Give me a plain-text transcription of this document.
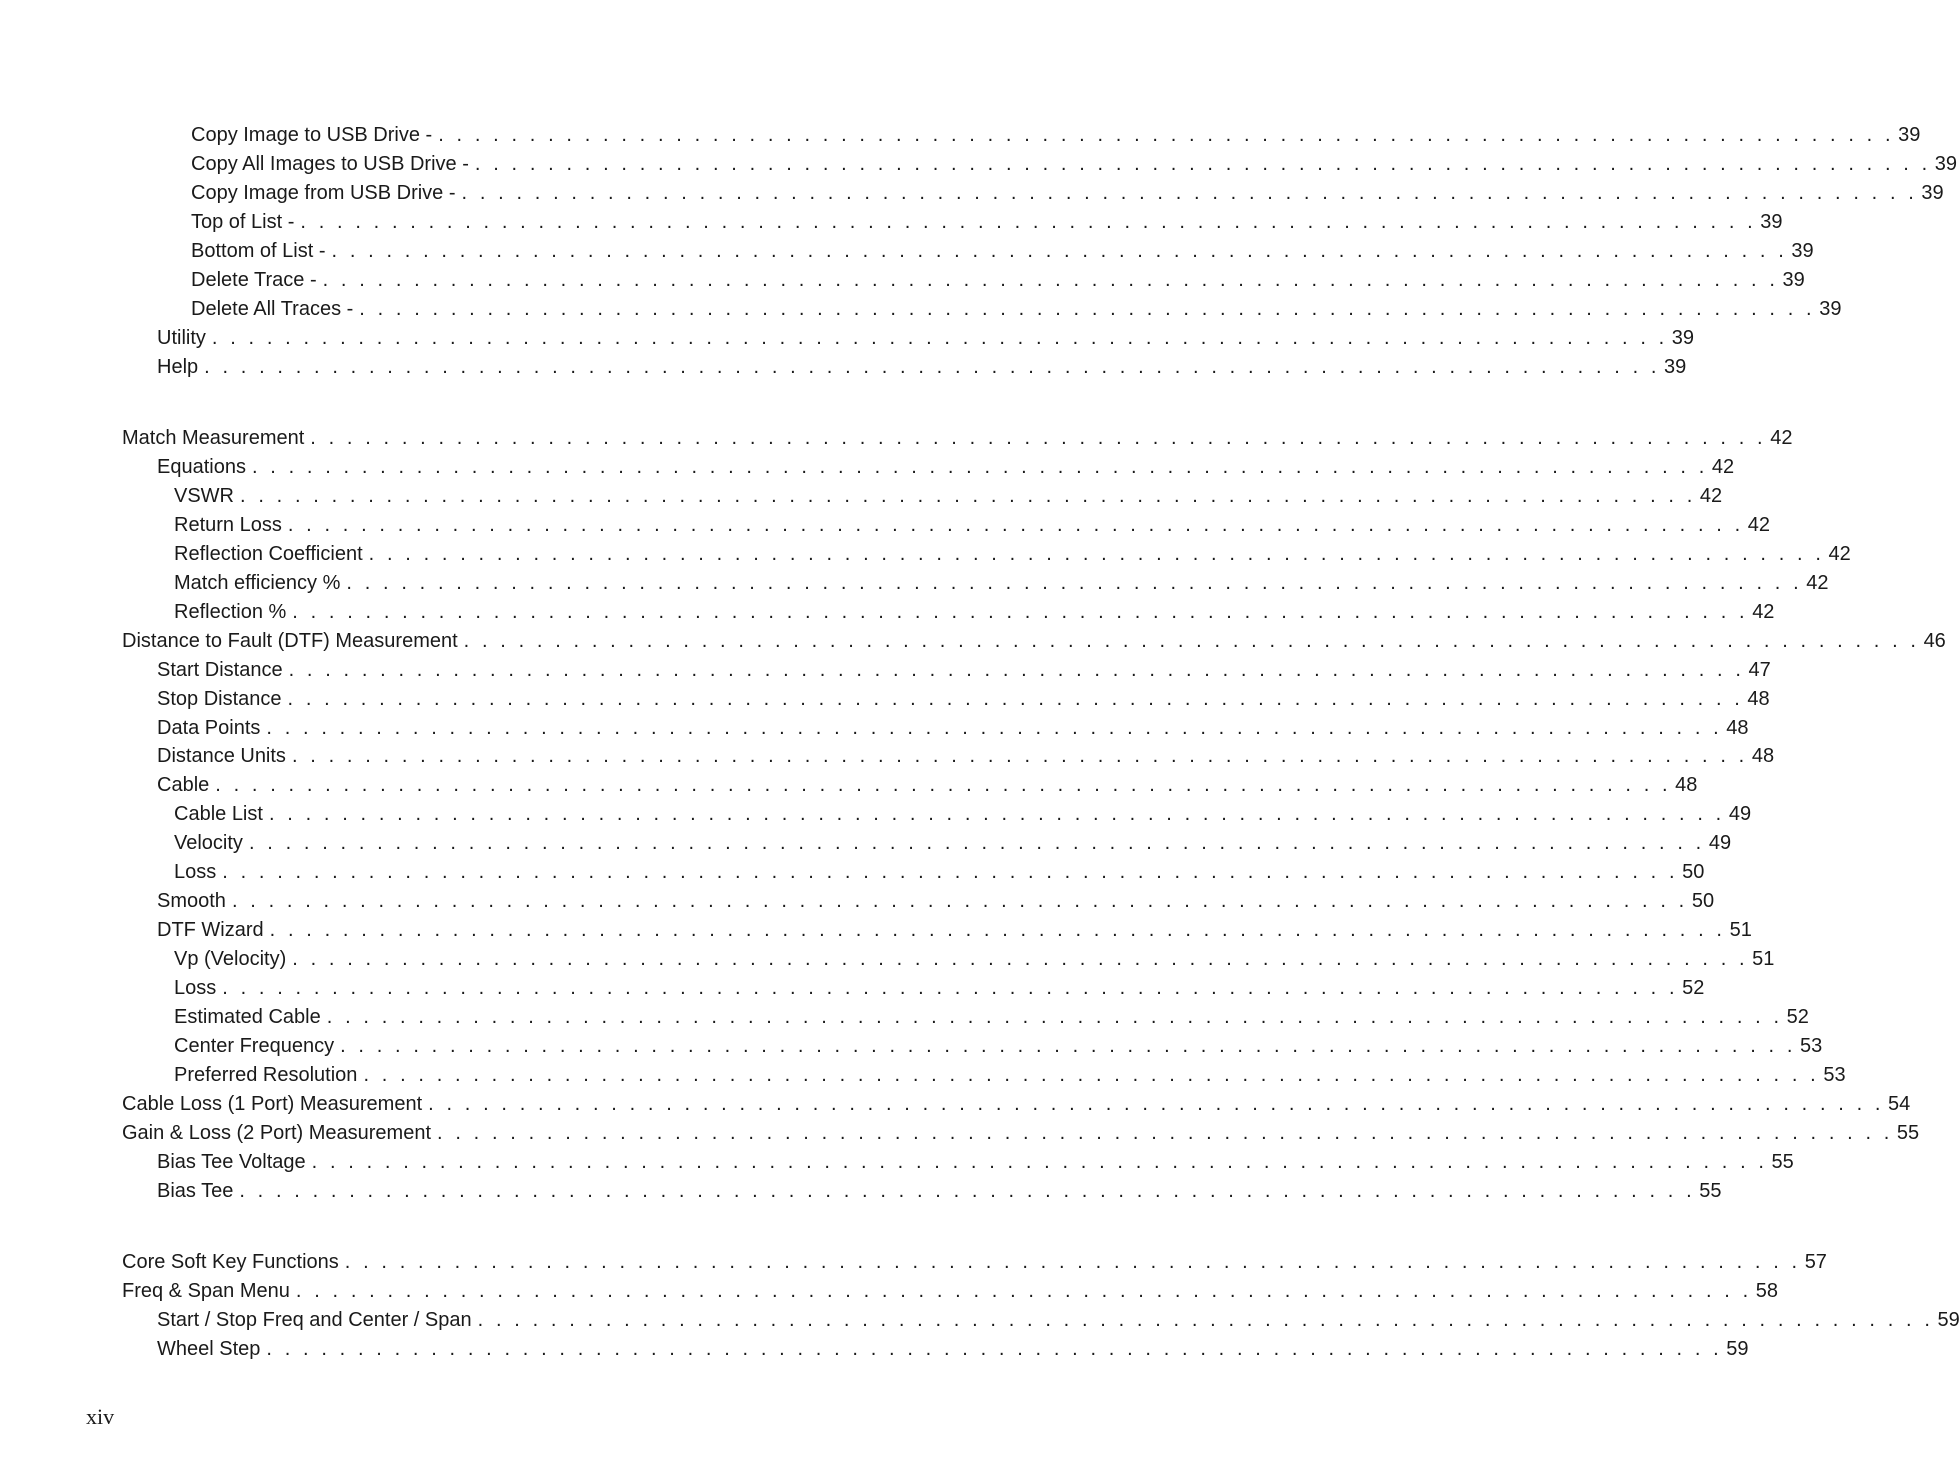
Copy Image to USB Drive - . . . . . . . . . . . . . . . . . . . . . . . . . . . . . . . . . . . . . . . . . . . . . . . . . . . . . . . . . . . . . . . . . . . . . . . . . . . . . . . . 39
Copy All Images to USB Drive - . . . . . . . . . . . . . . . . . . . . . . . . . . . . . . . . . . . . . . . . . . . . . . . . . . . . . . . . . . . . . . . . . . . . . . . . . . . . . . . . 39
Copy Image from USB Drive - . . . . . . . . . . . . . . . . . . . . . . . . . . . . . . . . . . . . . . . . . . . . . . . . . . . . . . . . . . . . . . . . . . . . . . . . . . . . . . . . 39
Top of List - . . . . . . . . . . . . . . . . . . . . . . . . . . . . . . . . . . . . . . . . . . . . . . . . . . . . . . . . . . . . . . . . . . . . . . . . . . . . . . . . 39
Bottom of List - . . . . . . . . . . . . . . . . . . . . . . . . . . . . . . . . . . . . . . . . . . . . . . . . . . . . . . . . . . . . . . . . . . . . . . . . . . . . . . . . 39
Delete Trace - . . . . . . . . . . . . . . . . . . . . . . . . . . . . . . . . . . . . . . . . . . . . . . . . . . . . . . . . . . . . . . . . . . . . . . . . . . . . . . . . 39
Delete All Traces - . . . . . . . . . . . . . . . . . . . . . . . . . . . . . . . . . . . . . . . . . . . . . . . . . . . . . . . . . . . . . . . . . . . . . . . . . . . . . . . . 39
Utility . . . . . . . . . . . . . . . . . . . . . . . . . . . . . . . . . . . . . . . . . . . . . . . . . . . . . . . . . . . . . . . . . . . . . . . . . . . . . . . . 39
Help . . . . . . . . . . . . . . . . . . . . . . . . . . . . . . . . . . . . . . . . . . . . . . . . . . . . . . . . . . . . . . . . . . . . . . . . . . . . . . . . 39
Match Measurement . . . . . . . . . . . . . . . . . . . . . . . . . . . . . . . . . . . . . . . . . . . . . . . . . . . . . . . . . . . . . . . . . . . . . . . . . . . . . . . . 42
Equations . . . . . . . . . . . . . . . . . . . . . . . . . . . . . . . . . . . . . . . . . . . . . . . . . . . . . . . . . . . . . . . . . . . . . . . . . . . . . . . . 42
VSWR . . . . . . . . . . . . . . . . . . . . . . . . . . . . . . . . . . . . . . . . . . . . . . . . . . . . . . . . . . . . . . . . . . . . . . . . . . . . . . . . 42
Return Loss . . . . . . . . . . . . . . . . . . . . . . . . . . . . . . . . . . . . . . . . . . . . . . . . . . . . . . . . . . . . . . . . . . . . . . . . . . . . . . . . 42
Reflection Coefficient . . . . . . . . . . . . . . . . . . . . . . . . . . . . . . . . . . . . . . . . . . . . . . . . . . . . . . . . . . . . . . . . . . . . . . . . . . . . . . . . 42
Match efficiency % . . . . . . . . . . . . . . . . . . . . . . . . . . . . . . . . . . . . . . . . . . . . . . . . . . . . . . . . . . . . . . . . . . . . . . . . . . . . . . . . 42
Reflection % . . . . . . . . . . . . . . . . . . . . . . . . . . . . . . . . . . . . . . . . . . . . . . . . . . . . . . . . . . . . . . . . . . . . . . . . . . . . . . . . 42
Distance to Fault (DTF) Measurement . . . . . . . . . . . . . . . . . . . . . . . . . . . . . . . . . . . . . . . . . . . . . . . . . . . . . . . . . . . . . . . . . . . . . . . . . . . . . . . . 46
Start Distance . . . . . . . . . . . . . . . . . . . . . . . . . . . . . . . . . . . . . . . . . . . . . . . . . . . . . . . . . . . . . . . . . . . . . . . . . . . . . . . . 47
Stop Distance . . . . . . . . . . . . . . . . . . . . . . . . . . . . . . . . . . . . . . . . . . . . . . . . . . . . . . . . . . . . . . . . . . . . . . . . . . . . . . . . 48
Data Points . . . . . . . . . . . . . . . . . . . . . . . . . . . . . . . . . . . . . . . . . . . . . . . . . . . . . . . . . . . . . . . . . . . . . . . . . . . . . . . . 48
Distance Units . . . . . . . . . . . . . . . . . . . . . . . . . . . . . . . . . . . . . . . . . . . . . . . . . . . . . . . . . . . . . . . . . . . . . . . . . . . . . . . . 48
Cable . . . . . . . . . . . . . . . . . . . . . . . . . . . . . . . . . . . . . . . . . . . . . . . . . . . . . . . . . . . . . . . . . . . . . . . . . . . . . . . . 48
Cable List . . . . . . . . . . . . . . . . . . . . . . . . . . . . . . . . . . . . . . . . . . . . . . . . . . . . . . . . . . . . . . . . . . . . . . . . . . . . . . . . 49
Velocity . . . . . . . . . . . . . . . . . . . . . . . . . . . . . . . . . . . . . . . . . . . . . . . . . . . . . . . . . . . . . . . . . . . . . . . . . . . . . . . . 49
Loss . . . . . . . . . . . . . . . . . . . . . . . . . . . . . . . . . . . . . . . . . . . . . . . . . . . . . . . . . . . . . . . . . . . . . . . . . . . . . . . . 50
Smooth . . . . . . . . . . . . . . . . . . . . . . . . . . . . . . . . . . . . . . . . . . . . . . . . . . . . . . . . . . . . . . . . . . . . . . . . . . . . . . . . 50
DTF Wizard . . . . . . . . . . . . . . . . . . . . . . . . . . . . . . . . . . . . . . . . . . . . . . . . . . . . . . . . . . . . . . . . . . . . . . . . . . . . . . . . 51
Vp (Velocity) . . . . . . . . . . . . . . . . . . . . . . . . . . . . . . . . . . . . . . . . . . . . . . . . . . . . . . . . . . . . . . . . . . . . . . . . . . . . . . . . 51
Loss . . . . . . . . . . . . . . . . . . . . . . . . . . . . . . . . . . . . . . . . . . . . . . . . . . . . . . . . . . . . . . . . . . . . . . . . . . . . . . . . 52
Estimated Cable . . . . . . . . . . . . . . . . . . . . . . . . . . . . . . . . . . . . . . . . . . . . . . . . . . . . . . . . . . . . . . . . . . . . . . . . . . . . . . . . 52
Center Frequency . . . . . . . . . . . . . . . . . . . . . . . . . . . . . . . . . . . . . . . . . . . . . . . . . . . . . . . . . . . . . . . . . . . . . . . . . . . . . . . . 53
Preferred Resolution . . . . . . . . . . . . . . . . . . . . . . . . . . . . . . . . . . . . . . . . . . . . . . . . . . . . . . . . . . . . . . . . . . . . . . . . . . . . . . . . 53
Cable Loss (1 Port) Measurement . . . . . . . . . . . . . . . . . . . . . . . . . . . . . . . . . . . . . . . . . . . . . . . . . . . . . . . . . . . . . . . . . . . . . . . . . . . . . . . . 54
Gain & Loss (2 Port) Measurement . . . . . . . . . . . . . . . . . . . . . . . . . . . . . . . . . . . . . . . . . . . . . . . . . . . . . . . . . . . . . . . . . . . . . . . . . . . . . . . . 55
Bias Tee Voltage . . . . . . . . . . . . . . . . . . . . . . . . . . . . . . . . . . . . . . . . . . . . . . . . . . . . . . . . . . . . . . . . . . . . . . . . . . . . . . . . 55
Bias Tee . . . . . . . . . . . . . . . . . . . . . . . . . . . . . . . . . . . . . . . . . . . . . . . . . . . . . . . . . . . . . . . . . . . . . . . . . . . . . . . . 55
Core Soft Key Functions . . . . . . . . . . . . . . . . . . . . . . . . . . . . . . . . . . . . . . . . . . . . . . . . . . . . . . . . . . . . . . . . . . . . . . . . . . . . . . . . 57
Freq & Span Menu . . . . . . . . . . . . . . . . . . . . . . . . . . . . . . . . . . . . . . . . . . . . . . . . . . . . . . . . . . . . . . . . . . . . . . . . . . . . . . . . 58
Start / Stop Freq and Center / Span . . . . . . . . . . . . . . . . . . . . . . . . . . . . . . . . . . . . . . . . . . . . . . . . . . . . . . . . . . . . . . . . . . . . . . . . . . . . . . . . 59
Wheel Step . . . . . . . . . . . . . . . . . . . . . . . . . . . . . . . . . . . . . . . . . . . . . . . . . . . . . . . . . . . . . . . . . . . . . . . . . . . . . . . . 59
xiv
